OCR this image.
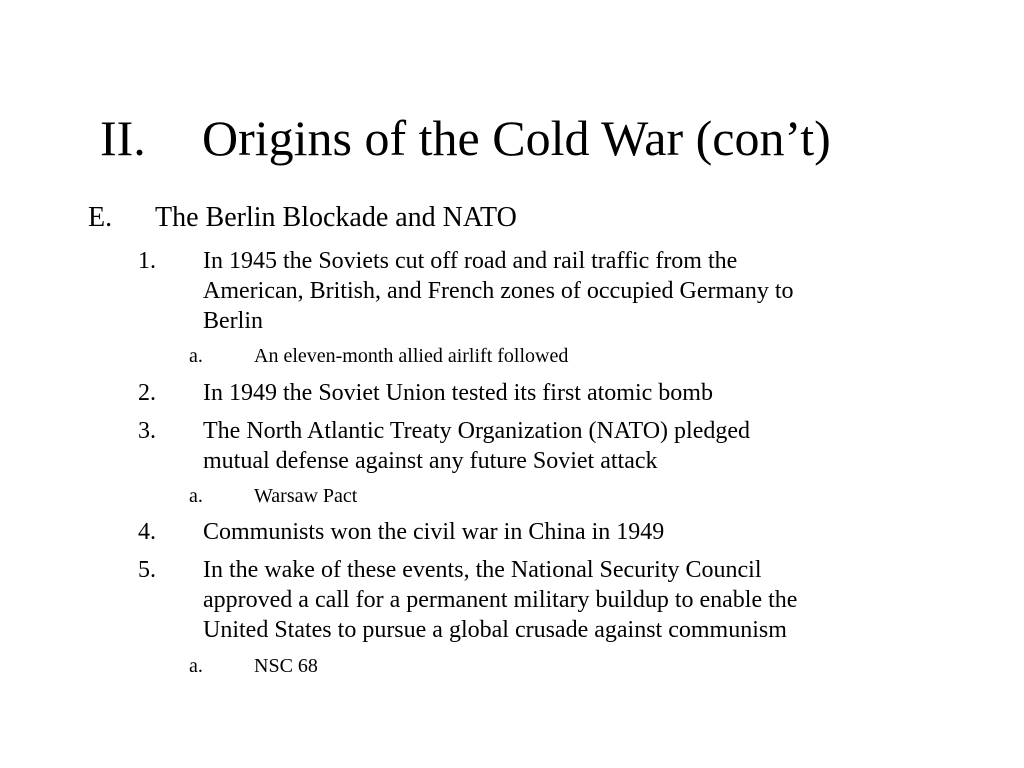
II. Origins of the Cold War (con’t)
E. The Berlin Blockade and NATO
1. In 1945 the Soviets cut off road and rail traffic from the
American, British, and French zones of occupied Germany to
Berlin
a.	An eleven-month allied airlift followed
2. In 1949 the Soviet Union tested its first atomic bomb
3. The North Atlantic Treaty Organization (NATO) pledged
mutual defense against any future Soviet attack
a.	Warsaw Pact
4. Communists won the civil war in China in 1949
5. In the wake of these events, the National Security Council
approved a call for a permanent military buildup to enable the
United States to pursue a global crusade against communism
a.	NSC 68
